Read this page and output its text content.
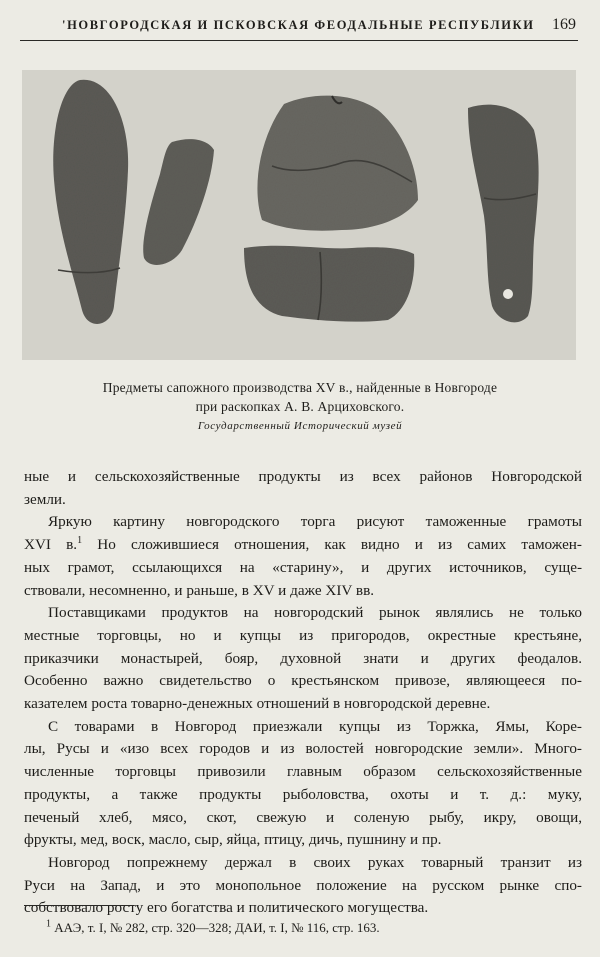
'НОВГОРОДСКАЯ И ПСКОВСКАЯ ФЕОДАЛЬНЫЕ РЕСПУБЛИКИ 169
Предметы сапожного производства XV в., найденные в Новгороде
при раскопках А. В. Арциховского.
Государственный Исторический музей

ные и сельскохозяйственные продукты из всех районов Новгородской
земли.

Яркую картину новгородского торга рисуют таможенные грамоты
XVI в.$^1$ Но сложившиеся отношения, как видно и из самих таможен-
ных грамот, ссылающихся на «старину», и других источников, суще-
ствовали, несомненно, и раньше, в XV и даже XIV вв.

Поставщиками продуктов на новгородский рынок являлись не только
местные торговцы, но и купцы из пригородов, окрестные крестьяне,
приказчики монастырей, бояр, духовной знати и других феодалов.
Особенно важно свидетельство о крестьянском привозе, являющееся по-
казателем роста товарно-денежных отношений в новгородской деревне.

С товарами в Новгород приезжали купцы из Торжка, Ямы, Коре-
лы, Русы и «изо всех городов и из волостей новгородские земли». Много-
численные торговцы привозили главным образом сельскохозяйственные
продукты, а также продукты рыболовства, охоты и т. д.: муку,
печеный хлеб, мясо, скот, свежую и соленую рыбу, икру, овощи,
фрукты, мед, воск, масло, сыр, яйца, птицу, дичь, пушнину и пр.

Новгород попрежнему держал в своих руках товарный транзит из
Руси на Запад, и это монопольное положение на русском рынке спо-
собствовало росту его богатства и политического могущества.

$^1$ ААЭ, т. I, № 282, стр. 320—328; ДАИ, т. I, № 116, стр. 163.
